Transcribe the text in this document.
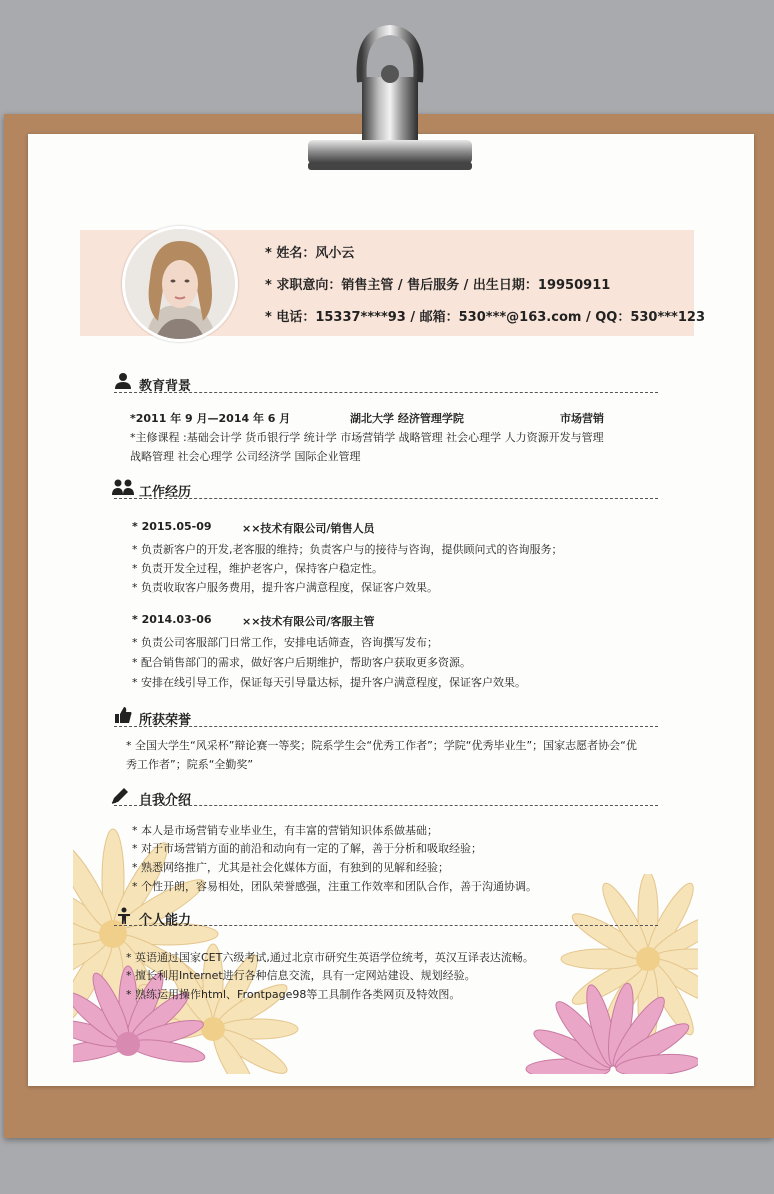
* 姓名：风小云
* 求职意向：销售主管 / 售后服务 / 出生日期：19950911
* 电话：15337****93 / 邮箱：530***@163.com / QQ：530***123
教育背景
*2011 年 9 月—2014 年 6 月	湖北大学 经济管理学院	市场营销
*主修课程 :基础会计学 货币银行学 统计学 市场营销学 战略管理 社会心理学 人力资源开发与管理
战略管理 社会心理学 公司经济学 国际企业管理
工作经历
* 2015.05-09	××技术有限公司/销售人员
* 负责新客户的开发,老客服的维持；负责客户与的接待与咨询，提供顾问式的咨询服务；
* 负责开发全过程，维护老客户，保持客户稳定性。
* 负责收取客户服务费用，提升客户满意程度，保证客户效果。
* 2014.03-06	××技术有限公司/客服主管
* 负责公司客服部门日常工作，安排电话筛查，咨询撰写发布；
* 配合销售部门的需求，做好客户后期维护，帮助客户获取更多资源。
* 安排在线引导工作，保证每天引导量达标，提升客户满意程度，保证客户效果。
所获荣誉
* 全国大学生“风采杯”辩论赛一等奖；院系学生会“优秀工作者”；学院“优秀毕业生”；国家志愿者协会“优
秀工作者”；院系“全勤奖”
自我介绍
* 本人是市场营销专业毕业生，有丰富的营销知识体系做基础；
* 对于市场营销方面的前沿和动向有一定的了解，善于分析和吸取经验；
* 熟悉网络推广，尤其是社会化媒体方面，有独到的见解和经验；
* 个性开朗，容易相处，团队荣誉感强，注重工作效率和团队合作，善于沟通协调。
个人能力
* 英语通过国家CET六级考试,通过北京市研究生英语学位统考，英汉互译表达流畅。
* 擅长利用Internet进行各种信息交流，具有一定网站建设、规划经验。
* 熟练运用操作html、Frontpage98等工具制作各类网页及特效图。
